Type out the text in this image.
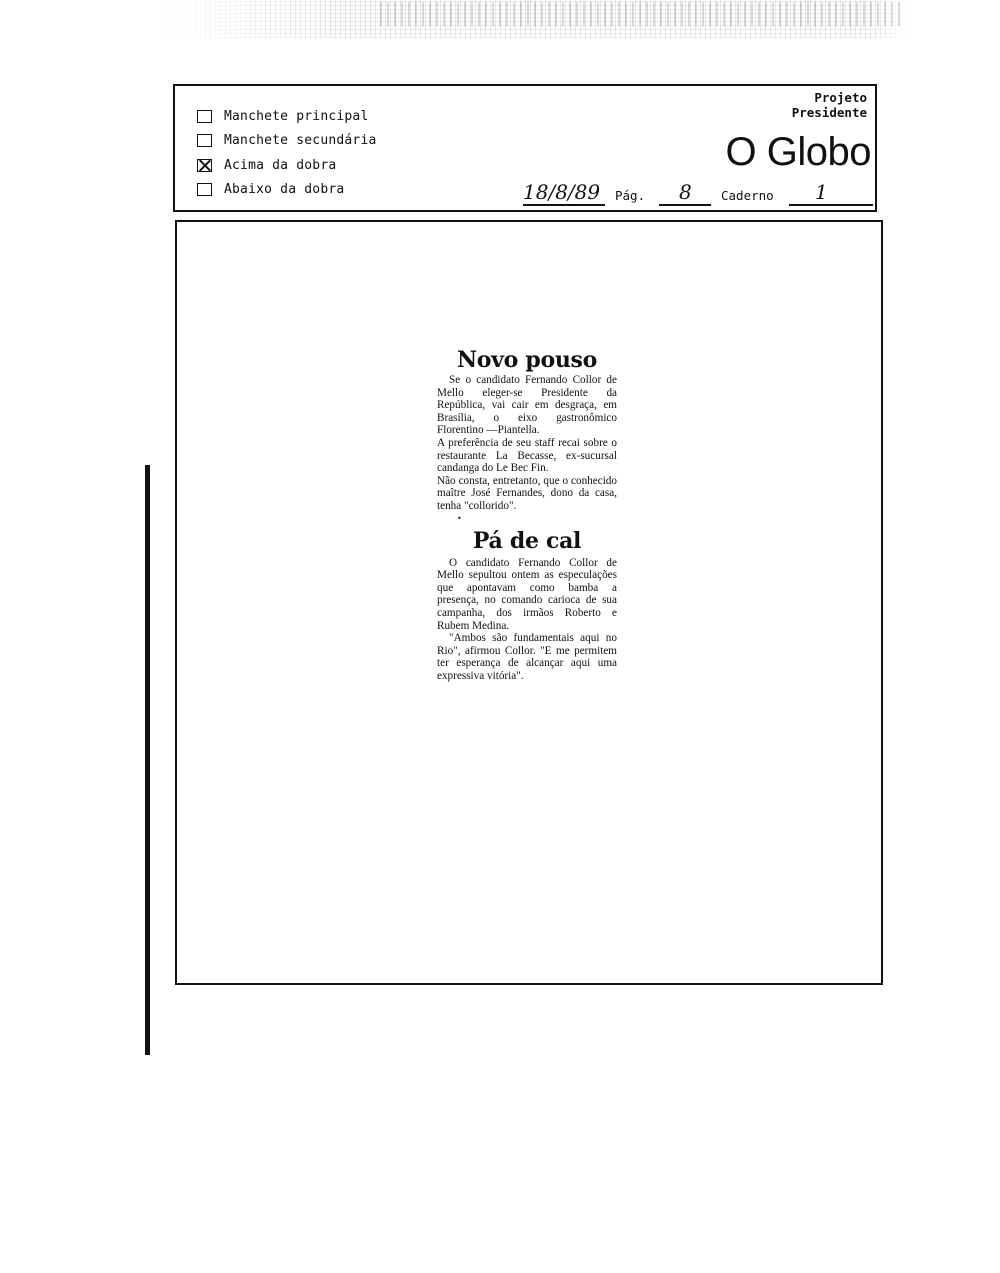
Manchete principal
Manchete secundária
Acima da dobra
Abaixo da dobra
Projeto
Presidente
O Globo
18/8/89 Pág. 8 Caderno 1
Novo pouso

Se o candidato Fernando Collor de Mello eleger-se Presidente da República, vai cair em desgraça, em Brasília, o eixo gastronômico Florentino —Piantella.

A preferência de seu staff recai sobre o restaurante La Becasse, ex-sucursal candanga do Le Bec Fin.

Não consta, entretanto, que o conhecido maître José Fernandes, dono da casa, tenha "collorido".

•
Pá de cal

O candidato Fernando Collor de Mello sepultou ontem as especulações que apontavam como bamba a presença, no comando carioca de sua campanha, dos irmãos Roberto e Rubem Medina.

"Ambos são fundamentais aqui no Rio", afirmou Collor. "E me permitem ter esperança de alcançar aqui uma expressiva vitória".
